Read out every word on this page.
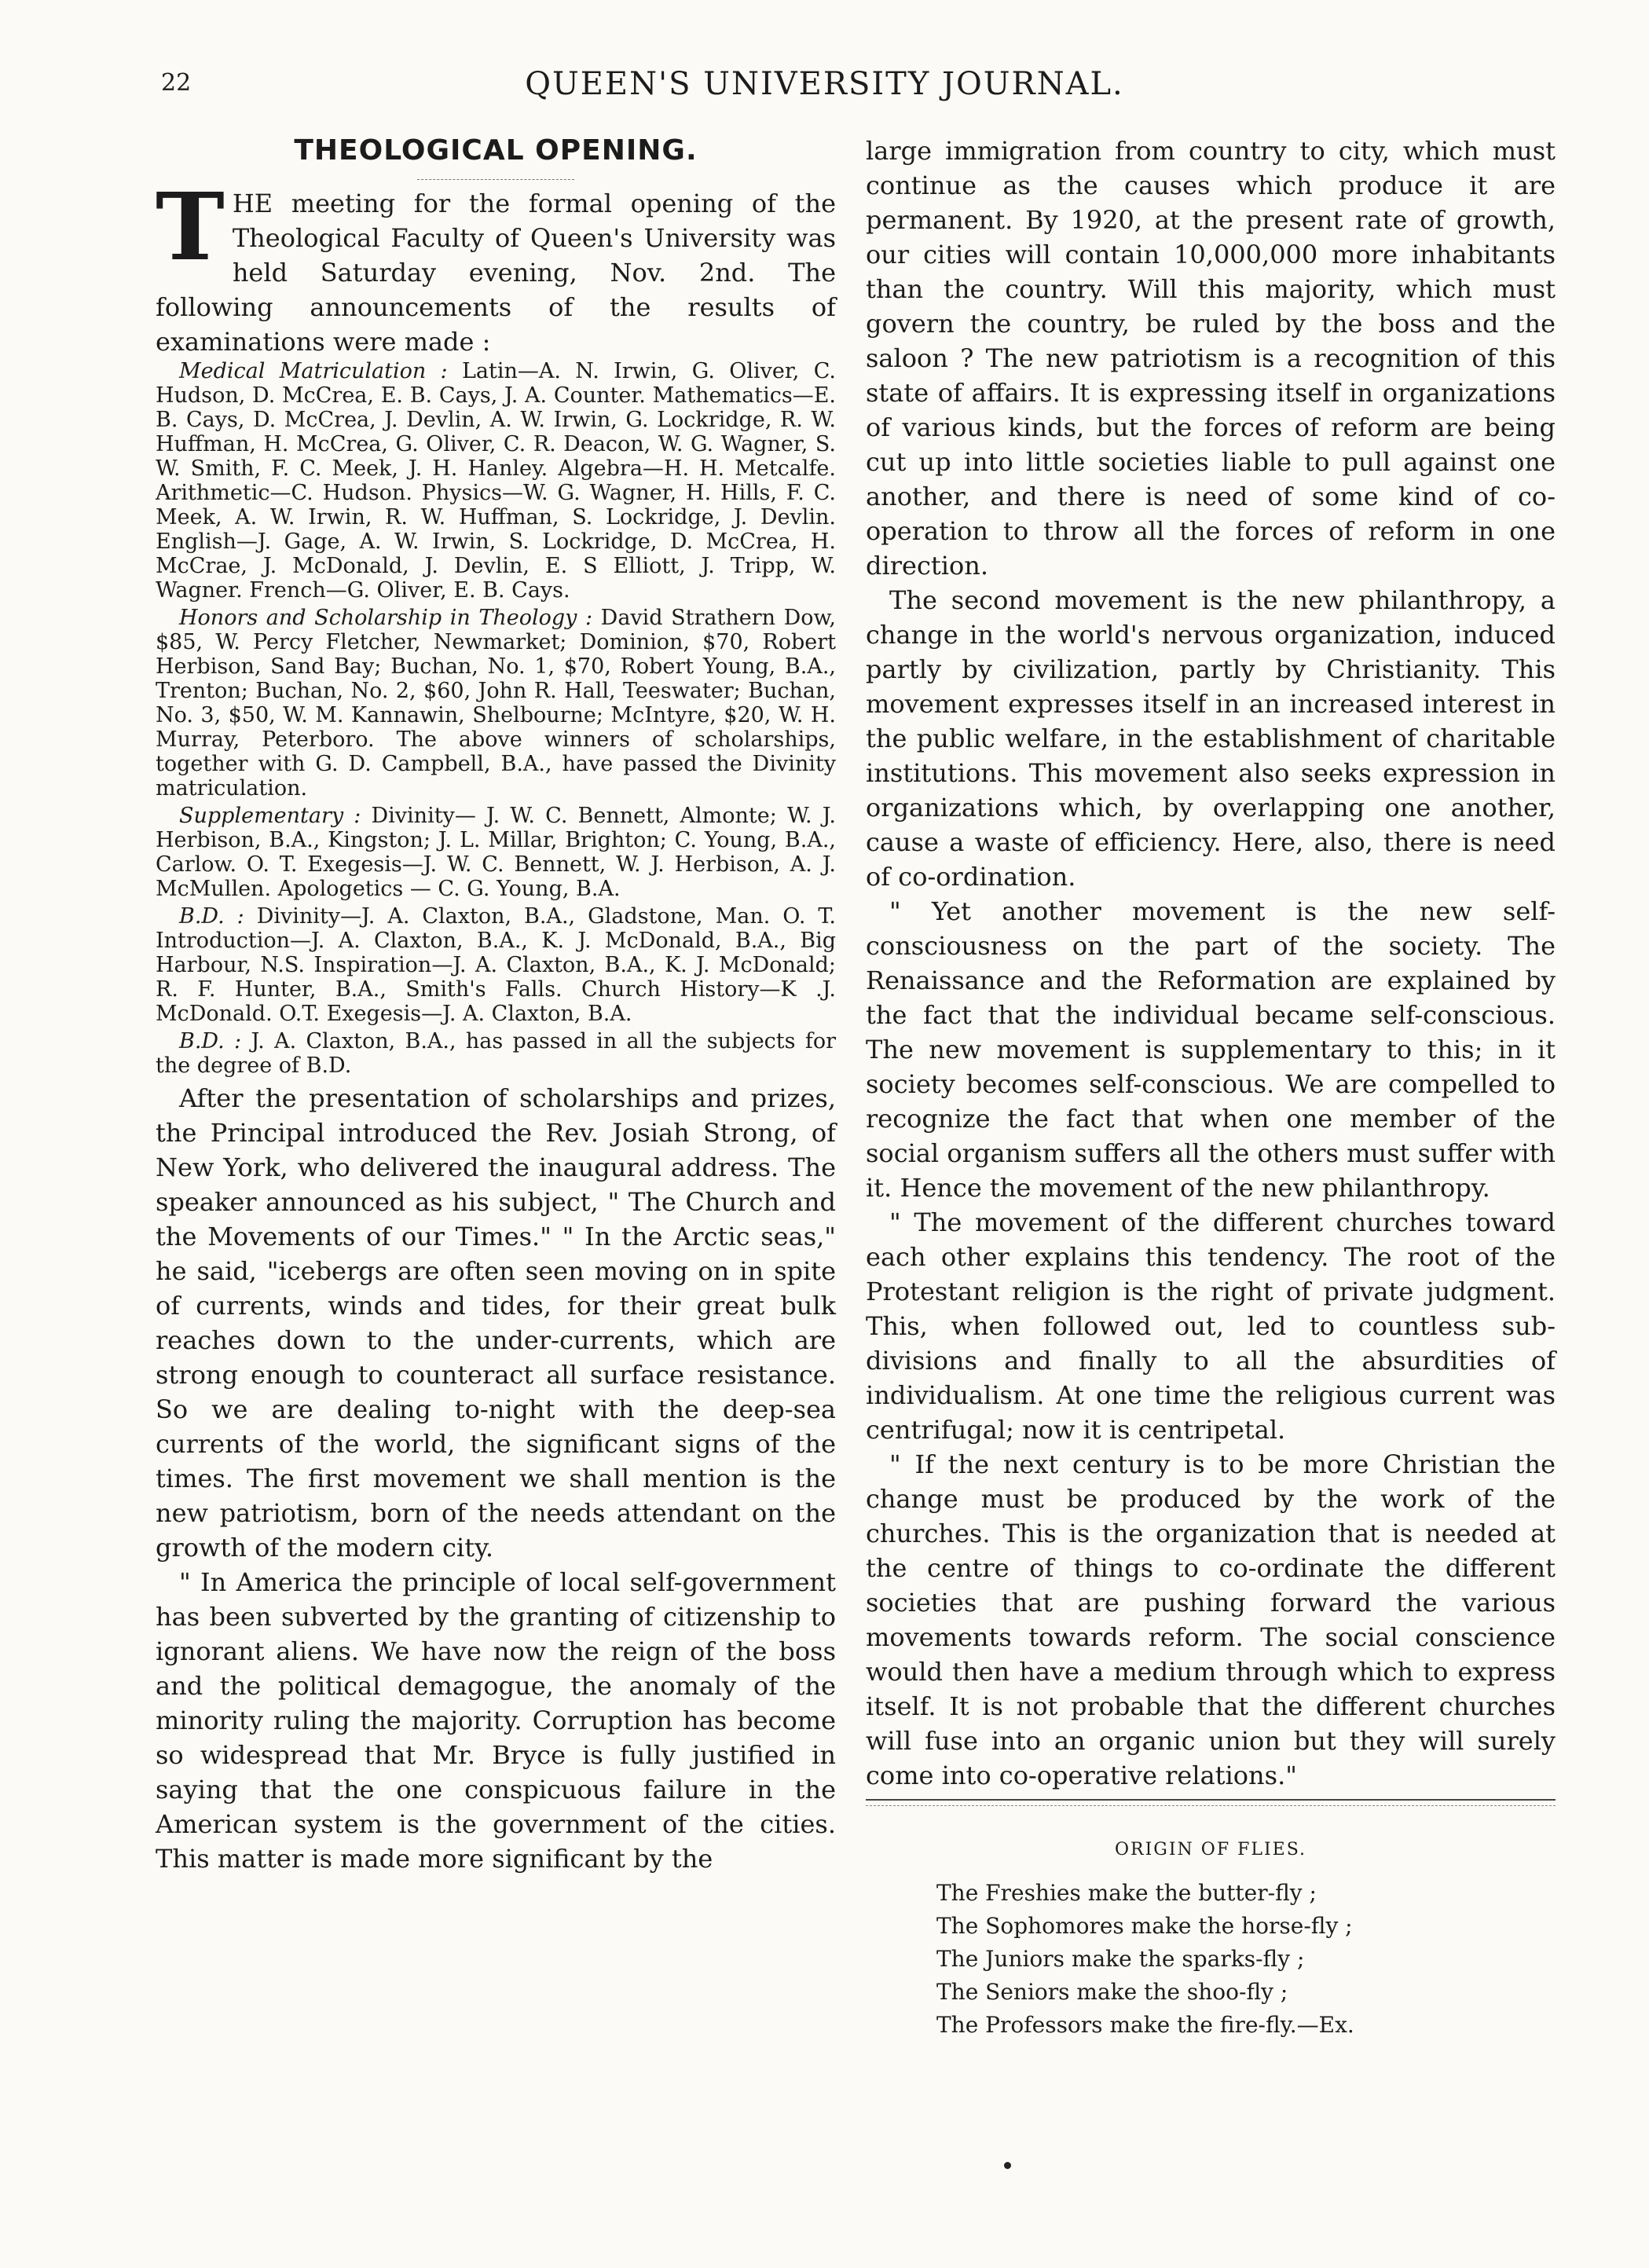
22	QUEEN'S UNIVERSITY JOURNAL.
THEOLOGICAL OPENING.

THE meeting for the formal opening of the Theological Faculty of Queen's University was held Saturday evening, Nov. 2nd. The following announcements of the results of examinations were made :

Medical Matriculation : Latin—A. N. Irwin, G. Oliver, C. Hudson, D. McCrea, E. B. Cays, J. A. Counter. Mathematics—E. B. Cays, D. McCrea, J. Devlin, A. W. Irwin, G. Lockridge, R. W. Huffman, H. McCrea, G. Oliver, C. R. Deacon, W. G. Wagner, S. W. Smith, F. C. Meek, J. H. Hanley. Algebra—H. H. Metcalfe. Arithmetic—C. Hudson. Physics—W. G. Wagner, H. Hills, F. C. Meek, A. W. Irwin, R. W. Huffman, S. Lockridge, J. Devlin. English—J. Gage, A. W. Irwin, S. Lockridge, D. McCrea, H. McCrae, J. McDonald, J. Devlin, E. S Elliott, J. Tripp, W. Wagner. French—G. Oliver, E. B. Cays.

Honors and Scholarship in Theology : David Strathern Dow, $85, W. Percy Fletcher, Newmarket; Dominion, $70, Robert Herbison, Sand Bay; Buchan, No. 1, $70, Robert Young, B.A., Trenton; Buchan, No. 2, $60, John R. Hall, Teeswater; Buchan, No. 3, $50, W. M. Kannawin, Shelbourne; McIntyre, $20, W. H. Murray, Peterboro. The above winners of scholarships, together with G. D. Campbell, B.A., have passed the Divinity matriculation.

Supplementary : Divinity— J. W. C. Bennett, Almonte; W. J. Herbison, B.A., Kingston; J. L. Millar, Brighton; C. Young, B.A., Carlow. O. T. Exegesis—J. W. C. Bennett, W. J. Herbison, A. J. McMullen. Apologetics — C. G. Young, B.A.

B.D. : Divinity—J. A. Claxton, B.A., Gladstone, Man. O. T. Introduction—J. A. Claxton, B.A., K. J. McDonald, B.A., Big Harbour, N.S. Inspiration—J. A. Claxton, B.A., K. J. McDonald; R. F. Hunter, B.A., Smith's Falls. Church History—K .J. McDonald. O.T. Exegesis—J. A. Claxton, B.A.

B.D. : J. A. Claxton, B.A., has passed in all the subjects for the degree of B.D.

After the presentation of scholarships and prizes, the Principal introduced the Rev. Josiah Strong, of New York, who delivered the inaugural address. The speaker announced as his subject, " The Church and the Movements of our Times." " In the Arctic seas," he said, "icebergs are often seen moving on in spite of currents, winds and tides, for their great bulk reaches down to the under-currents, which are strong enough to counteract all surface resistance. So we are dealing to-night with the deep-sea currents of the world, the significant signs of the times. The first movement we shall mention is the new patriotism, born of the needs attendant on the growth of the modern city.

" In America the principle of local self-government has been subverted by the granting of citizenship to ignorant aliens. We have now the reign of the boss and the political demagogue, the anomaly of the minority ruling the majority. Corruption has become so widespread that Mr. Bryce is fully justified in saying that the one conspicuous failure in the American system is the government of the cities. This matter is made more significant by the

large immigration from country to city, which must continue as the causes which produce it are permanent. By 1920, at the present rate of growth, our cities will contain 10,000,000 more inhabitants than the country. Will this majority, which must govern the country, be ruled by the boss and the saloon ? The new patriotism is a recognition of this state of affairs. It is expressing itself in organizations of various kinds, but the forces of reform are being cut up into little societies liable to pull against one another, and there is need of some kind of co-operation to throw all the forces of reform in one direction.

The second movement is the new philanthropy, a change in the world's nervous organization, induced partly by civilization, partly by Christianity. This movement expresses itself in an increased interest in the public welfare, in the establishment of charitable institutions. This movement also seeks expression in organizations which, by overlapping one another, cause a waste of efficiency. Here, also, there is need of co-ordination.

" Yet another movement is the new self-consciousness on the part of the society. The Renaissance and the Reformation are explained by the fact that the individual became self-conscious. The new movement is supplementary to this; in it society becomes self-conscious. We are compelled to recognize the fact that when one member of the social organism suffers all the others must suffer with it. Hence the movement of the new philanthropy.

" The movement of the different churches toward each other explains this tendency. The root of the Protestant religion is the right of private judgment. This, when followed out, led to countless sub-divisions and finally to all the absurdities of individualism. At one time the religious current was centrifugal; now it is centripetal.

" If the next century is to be more Christian the change must be produced by the work of the churches. This is the organization that is needed at the centre of things to co-ordinate the different societies that are pushing forward the various movements towards reform. The social conscience would then have a medium through which to express itself. It is not probable that the different churches will fuse into an organic union but they will surely come into co-operative relations."

ORIGIN OF FLIES.
The Freshies make the butter-fly ;
The Sophomores make the horse-fly ;
The Juniors make the sparks-fly ;
The Seniors make the shoo-fly ;
The Professors make the fire-fly.—Ex.
